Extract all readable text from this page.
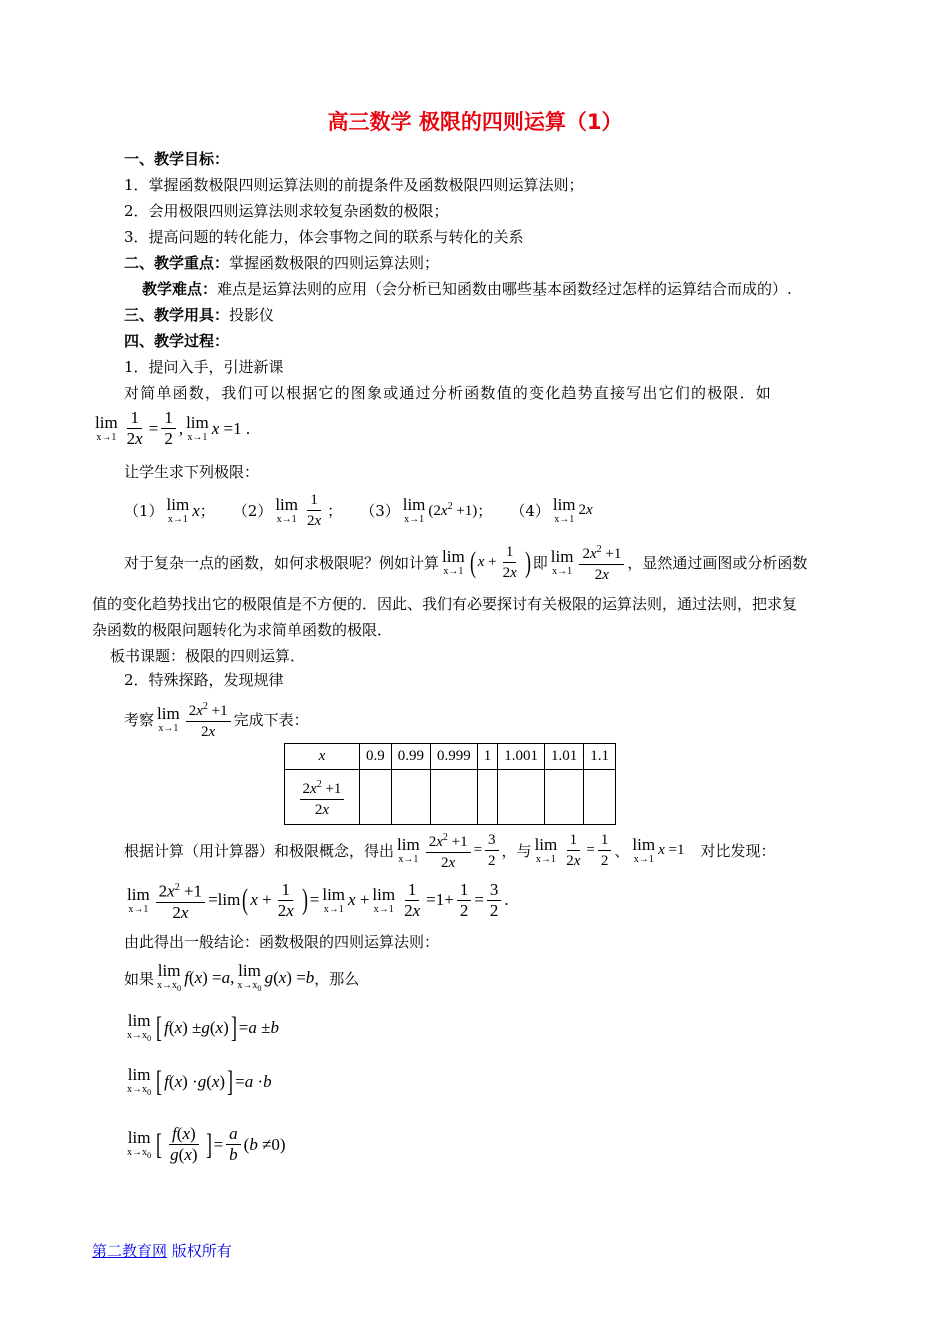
高三数学 极限的四则运算（1）
一、教学目标：
1．掌握函数极限四则运算法则的前提条件及函数极限四则运算法则；
2．会用极限四则运算法则求较复杂函数的极限；
3．提高问题的转化能力，体会事物之间的联系与转化的关系
二、教学重点：掌握函数极限的四则运算法则；
教学难点：难点是运算法则的应用（会分析已知函数由哪些基本函数经过怎样的运算结合而成的）.
三、教学用具：投影仪
四、教学过程：
1．提问入手，引进新课
对简单函数，我们可以根据它的图象或通过分析函数值的变化趋势直接写出它们的极限．如
lim
$x\to 1 \frac{1}{2x} = \frac{1}{2}$ , lim
x→1 x =1 .
让学生求下列极限：
（1） lim
x→1 x ； （2） lim
$x\to 1 \frac{1}{2x}$ ； （3） lim
x→1
$(2x^2 +1)$ ； （4） lim
x→1
2x
对于复杂一点的函数，如何求极限呢？例如计算 lim
x→1 ( $x + \frac{1}{2x}$ ) 即 lim
$x\to 1 \frac{2x^2 +1}{2x}$ ，显然通过画图或分析函数
值的变化趋势找出它的极限值是不方便的．因此、我们有必要探讨有关极限的运算法则，通过法则，把求复
杂函数的极限问题转化为求简单函数的极限．
板书课题：极限的四则运算．
2．特殊探路，发现规律
考察 lim
$x\to 1 \frac{2x^2 +1}{2x}$ 完成下表：
x	0.9	0.99	0.999	1	1.001	1.01	1.1

$\frac{2x^2 +1}{2x}$

根据计算（用计算器）和极限概念，得出 lim
$x\to 1 \frac{2x^2 +1}{2x} = \frac{3}{2}$ ，与 lim
$x\to 1 \frac{1}{2x} = \frac{1}{2}$ 、 lim
x→1
x =1 对比发现：
lim
$x\to 1 \frac{2x^2 +1}{2x} =\lim$ ( $x + \frac{1}{2x}$ ) = lim
x→1 x + lim
$x\to 1 \frac{1}{2x} =1+ \frac{1}{2} = \frac{3}{2}$ .
由此得出一般结论：函数极限的四则运算法则：
如果 lim
$x\to x_0$
f(x) =a, lim
$x\to x_0$
g(x) =b ，那么
lim
$x\to x_0$ [ f(x) ±g(x) ] =a ±b
lim
$x\to x_0$ [ f(x) ·g(x) ] =a ·b
lim
$x\to x_0$ [ $\frac{f(x)}{g(x)}$ ] = $\frac{a}{b} (b \ne 0)$
第二教育网 版权所有
